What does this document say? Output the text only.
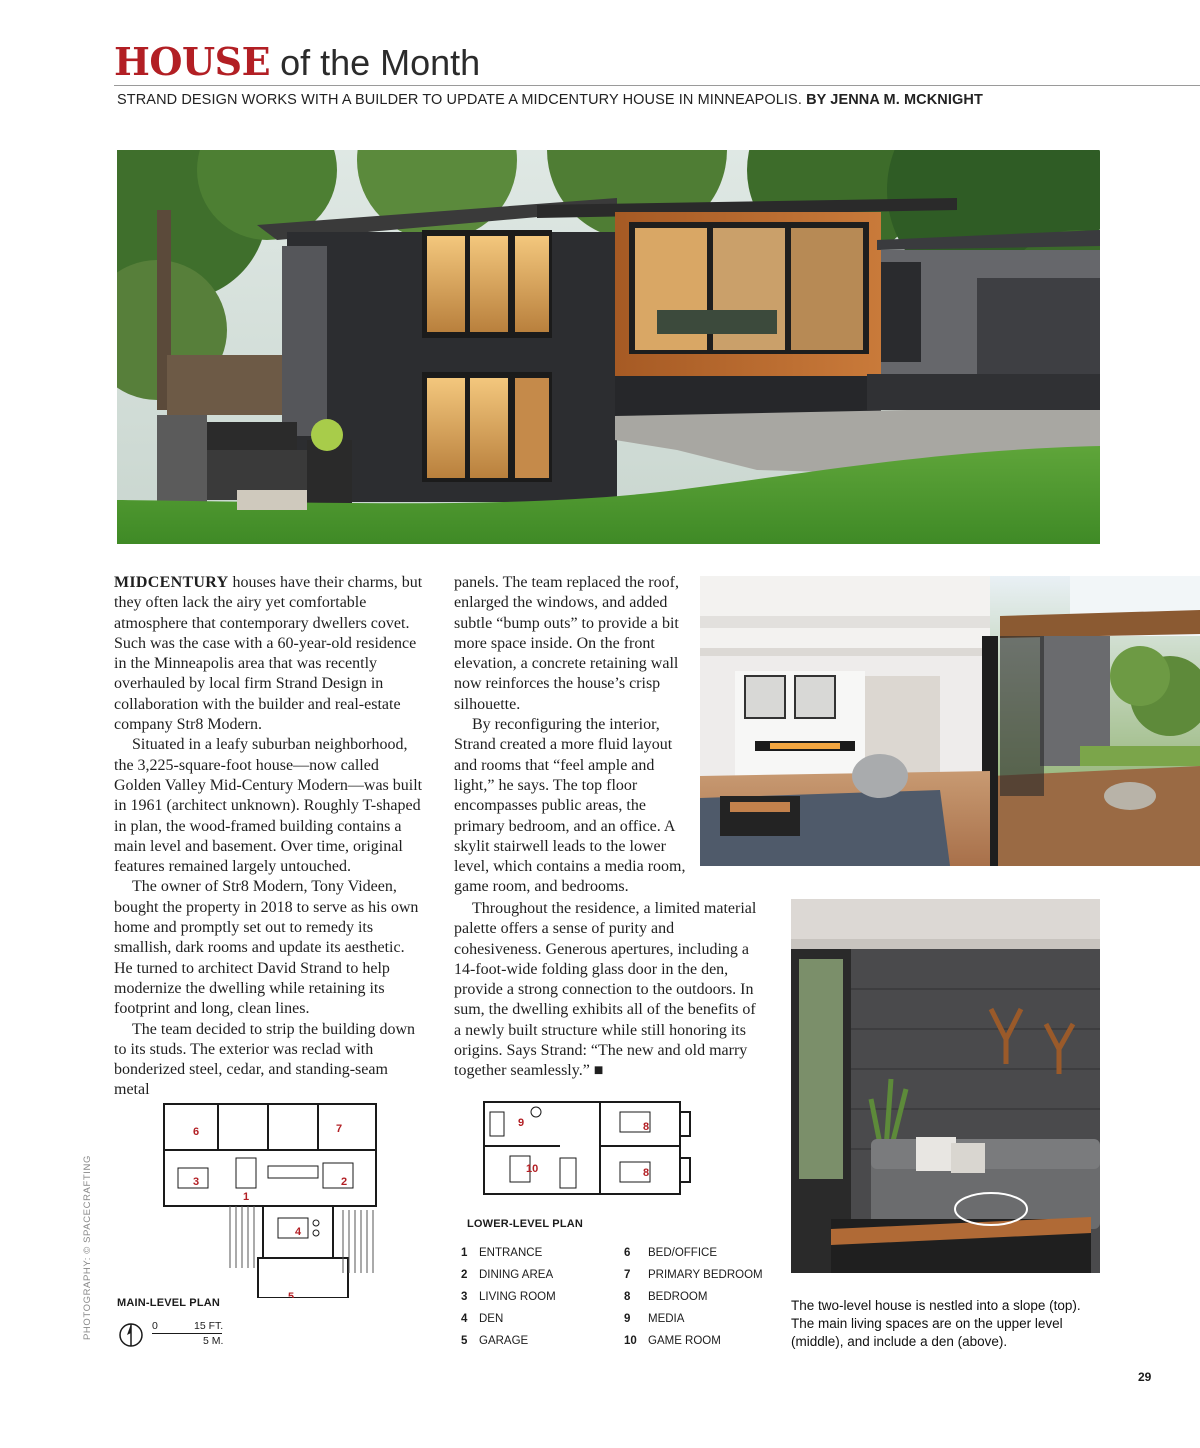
HOUSE of the Month
STRAND DESIGN WORKS WITH A BUILDER TO UPDATE A MIDCENTURY HOUSE IN MINNEAPOLIS. BY JENNA M. MCKNIGHT

MIDCENTURY houses have their charms, but they often lack the airy yet comfortable atmosphere that contemporary dwellers covet. Such was the case with a 60-year-old residence in the Minneapolis area that was recently overhauled by local firm Strand Design in collaboration with the builder and real-estate company Str8 Modern.

Situated in a leafy suburban neighborhood, the 3,225-square-foot house—now called Golden Valley Mid-Century Modern—was built in 1961 (architect unknown). Roughly T-shaped in plan, the wood-framed building contains a main level and basement. Over time, original features remained largely untouched.

The owner of Str8 Modern, Tony Videen, bought the property in 2018 to serve as his own home and promptly set out to remedy its smallish, dark rooms and update its aesthetic. He turned to architect David Strand to help modernize the dwelling while retaining its footprint and long, clean lines.

The team decided to strip the building down to its studs. The exterior was reclad with bonderized steel, cedar, and standing-seam metal

panels. The team replaced the roof, enlarged the windows, and added subtle “bump outs” to provide a bit more space inside. On the front elevation, a concrete retaining wall now reinforces the house’s crisp silhouette.

By reconfiguring the interior, Strand created a more fluid layout and rooms that “feel ample and light,” he says. The top floor encompasses public areas, the primary bedroom, and an office. A skylit stairwell leads to the lower level, which contains a media room, game room, and bedrooms.

Throughout the residence, a limited material palette offers a sense of purity and cohesiveness. Generous apertures, including a 14-foot-wide folding glass door in the den, provide a strong connection to the outdoors. In sum, the dwelling exhibits all of the benefits of a newly built structure while still honoring its origins. Says Strand: “The new and old marry together seamlessly.” ■

6	7
3	2
1
4
5
MAIN-LEVEL PLAN
0	15 FT.
5 M.
9	8
10	8
LOWER-LEVEL PLAN
1 ENTRANCE
2 DINING AREA
3 LIVING ROOM
4 DEN
5 GARAGE
6 BED/OFFICE
7 PRIMARY BEDROOM
8 BEDROOM
9 MEDIA
10 GAME ROOM
The two-level house is nestled into a slope (top). The main living spaces are on the upper level (middle), and include a den (above).
PHOTOGRAPHY: © SPACECRAFTING
29
